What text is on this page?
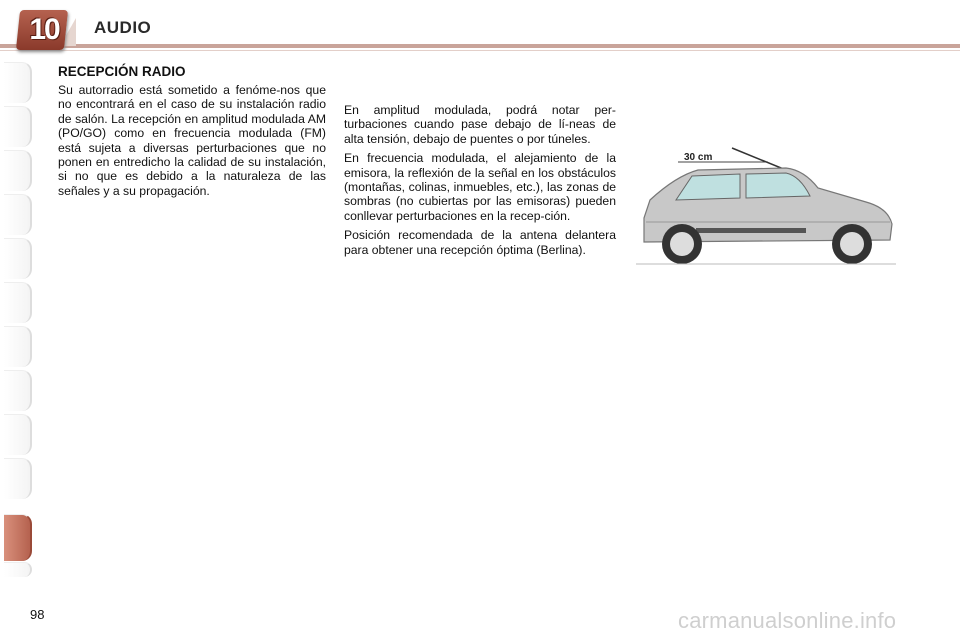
10	AUDIO
RECEPCIÓN RADIO

Su autorradio está sometido a fenóme-nos que no encontrará en el caso de su instalación radio de salón. La recepción en amplitud modulada AM (PO/GO) como en frecuencia modulada (FM) está sujeta a diversas perturbaciones que no ponen en entredicho la calidad de su instalación, si no que es debido a la naturaleza de las señales y a su propagación.

En amplitud modulada, podrá notar per-turbaciones cuando pase debajo de lí-neas de alta tensión, debajo de puentes o por túneles.

En frecuencia modulada, el alejamiento de la emisora, la reflexión de la señal en los obstáculos (montañas, colinas, inmuebles, etc.), las zonas de sombras (no cubiertas por las emisoras) pueden conllevar perturbaciones en la recep-ción.

Posición recomendada de la antena delantera para obtener una recepción óptima (Berlina).

30 cm
98	carmanualsonline.info
